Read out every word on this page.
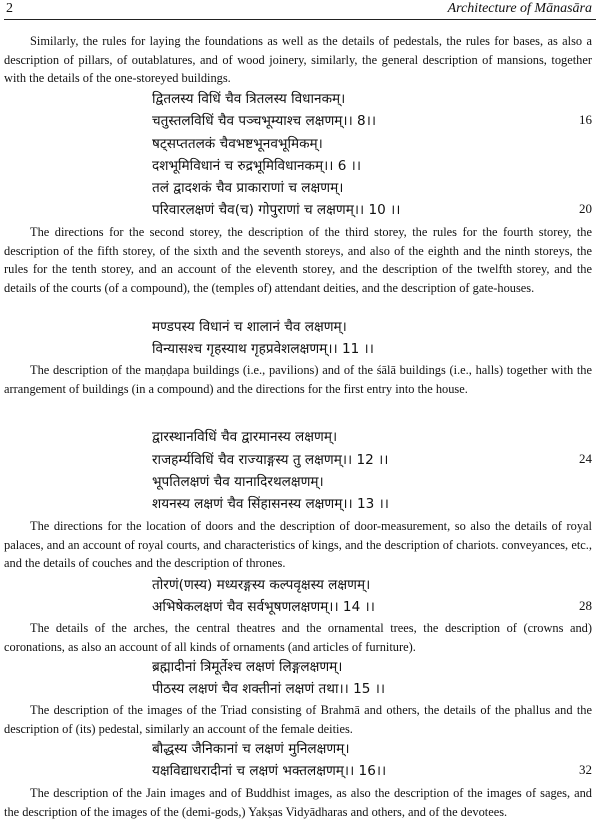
2	Architecture of Mānasāra

Similarly, the rules for laying the foundations as well as the details of pedestals, the rules for bases, as also a description of pillars, of outablatures, and of wood joinery, similarly, the general description of mansions, together with the details of the one-storeyed buildings.

द्वितलस्य विधिं चैव त्रितलस्य विधानकम्।
चतुस्तलविधिं चैव पञ्चभूम्याश्च लक्षणम्।। 8।।	16
षट्सप्ततलकं चैवभष्टभूनवभूमिकम्।
दशभूमिविधानं च रुद्रभूमिविधानकम्।। 6 ।।
तलं द्वादशकं चैव प्राकाराणां च लक्षणम्।
परिवारलक्षणं चैव(च) गोपुराणां च लक्षणम्।। 10 ।।	20

The directions for the second storey, the description of the third storey, the rules for the fourth storey, the description of the fifth storey, of the sixth and the seventh storeys, and also of the eighth and the ninth storeys, the rules for the tenth storey, and an account of the eleventh storey, and the description of the twelfth storey, and the details of the courts (of a compound), the (temples of) attendant deities, and the description of gate-houses.

मण्डपस्य विधानं च शालानं चैव लक्षणम्।
विन्यासश्च गृहस्याथ गृहप्रवेशलक्षणम्।। 11 ।।

The description of the maṇḍapa buildings (i.e., pavilions) and of the śālā buildings (i.e., halls) together with the arrangement of buildings (in a compound) and the directions for the first entry into the house.

द्वारस्थानविधिं चैव द्वारमानस्य लक्षणम्।
राजहर्म्यविधिं चैव राज्याङ्गस्य तु लक्षणम्।। 12 ।।	24
भूपतिलक्षणं चैव यानादिरथलक्षणम्।
शयनस्य लक्षणं चैव सिंहासनस्य लक्षणम्।। 13 ।।

The directions for the location of doors and the description of door-measurement, so also the details of royal palaces, and an account of royal courts, and characteristics of kings, and the description of chariots. conveyances, etc., and the details of couches and the description of thrones.

तोरणं(णस्य) मध्यरङ्गस्य कल्पवृक्षस्य लक्षणम्।
अभिषेकलक्षणं चैव सर्वभूषणलक्षणम्।। 14 ।।	28

The details of the arches, the central theatres and the ornamental trees, the description of (crowns and) coronations, as also an account of all kinds of ornaments (and articles of furniture).

ब्रह्मादीनां त्रिमूर्तेश्च लक्षणं लिङ्गलक्षणम्।
पीठस्य लक्षणं चैव शक्तीनां लक्षणं तथा।। 15 ।।

The description of the images of the Triad consisting of Brahmā and others, the details of the phallus and the description of (its) pedestal, similarly an account of the female deities.

बौद्धस्य जैनिकानां च लक्षणं मुनिलक्षणम्।
यक्षविद्याधरादीनां च लक्षणं भक्तलक्षणम्।। 16।।	32

The description of the Jain images and of Buddhist images, as also the description of the images of sages, and the description of the images of the (demi-gods,) Yakṣas Vidyādharas and others, and of the devotees.
